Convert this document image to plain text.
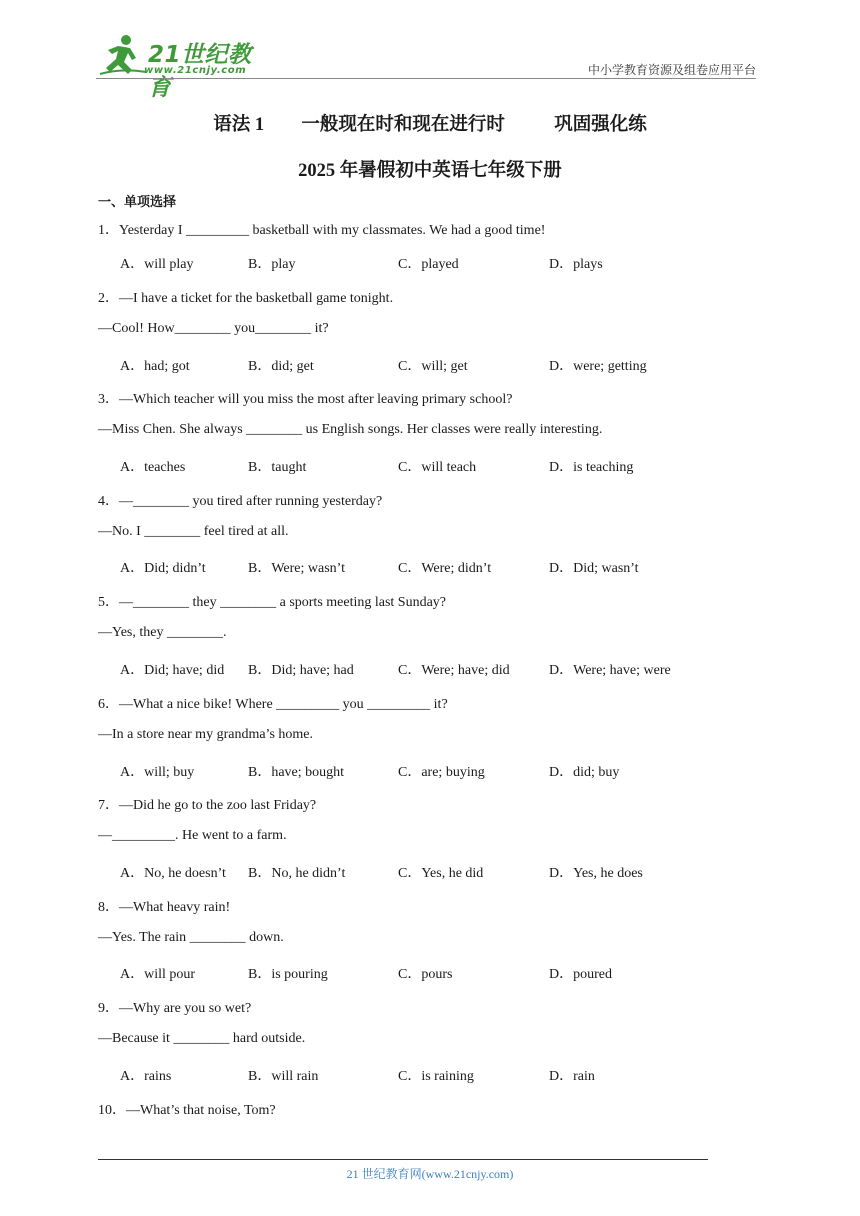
21世纪教育
www.21cnjy.com	中小学教育资源及组卷应用平台
语法 1 一般现在时和现在进行时	巩固强化练
2025 年暑假初中英语七年级下册
一、单项选择
1．Yesterday I _________ basketball with my classmates. We had a good time!
A．will play	B．play	C．played	D．plays
2．—I have a ticket for the basketball game tonight.
—Cool! How________ you________ it?
A．had; got	B．did; get	C．will; get	D．were; getting
3．—Which teacher will you miss the most after leaving primary school?
—Miss Chen. She always ________ us English songs. Her classes were really interesting.
A．teaches	B．taught	C．will teach	D．is teaching
4．—________ you tired after running yesterday?
—No. I ________ feel tired at all.
A．Did; didn’t	B．Were; wasn’t	C．Were; didn’t	D．Did; wasn’t
5．—________ they ________ a sports meeting last Sunday?
—Yes, they ________.
A．Did; have; did B．Did; have; had	C．Were; have; did	D．Were; have; were
6．—What a nice bike! Where _________ you _________ it?
—In a store near my grandma’s home.
A．will; buy	B．have; bought	C．are; buying	D．did; buy
7．—Did he go to the zoo last Friday?
—_________. He went to a farm.
A．No, he doesn’t B．No, he didn’t	C．Yes, he did	D．Yes, he does
8．—What heavy rain!
—Yes. The rain ________ down.
A．will pour	B．is pouring	C．pours	D．poured
9．—Why are you so wet?
—Because it ________ hard outside.
A．rains	B．will rain	C．is raining	D．rain
10．—What’s that noise, Tom?
21 世纪教育网(www.21cnjy.com)
